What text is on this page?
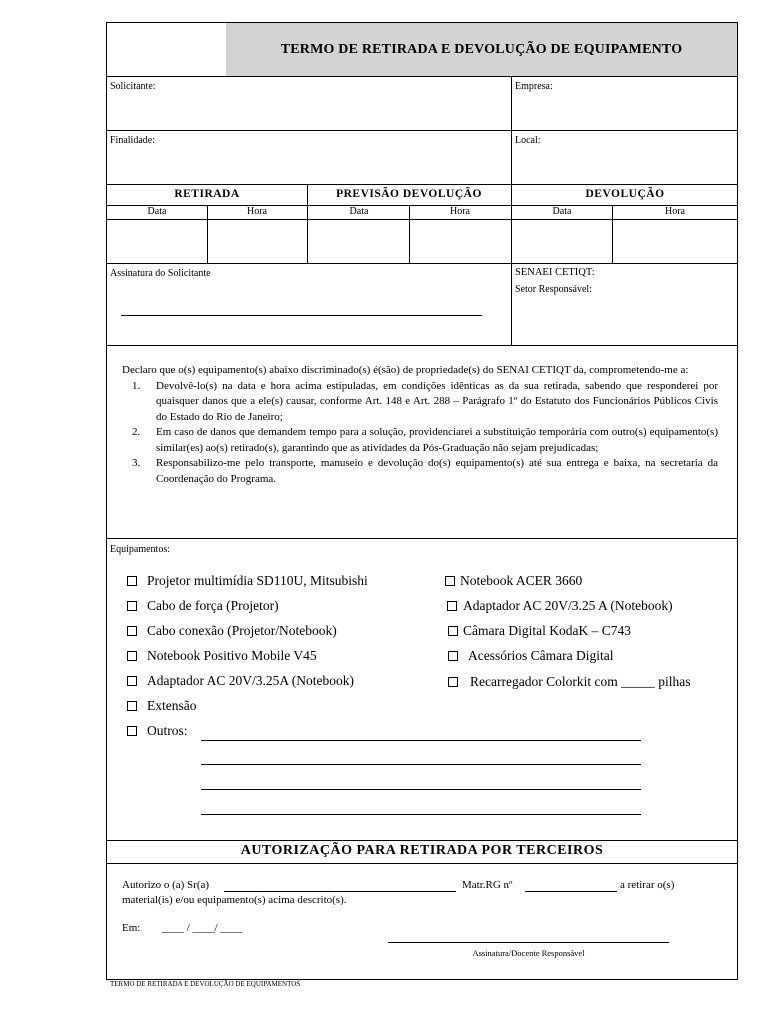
TERMO DE RETIRADA E DEVOLUÇÃO DE EQUIPAMENTO
Solicitante:	Empresa:
Finalidade:	Local:
RETIRADA	PREVISÃO DEVOLUÇÃO	DEVOLUÇÃO
Data	Hora	Data	Hora	Data	Hora
Assinatura do Solicitante	SENAEI CETIQT:
Setor Responsável:
Declaro que o(s) equipamento(s) abaixo discriminado(s) é(são) de propriedade(s) do SENAI CETIQT da, comprometendo-me a:
1. Devolvê-lo(s) na data e hora acima estipuladas, em condições idênticas as da sua retirada, sabendo que responderei por quaisquer danos que a ele(s) causar, conforme Art. 148 e Art. 288 – Parágrafo 1º do Estatuto dos Funcionários Públicos Civis do Estado do Rio de Janeiro;
2. Em caso de danos que demandem tempo para a solução, providenciarei a substituição temporária com outro(s) equipamento(s) similar(es) ao(s) retirado(s), garantindo que as atividades da Pós-Graduação não sejam prejudicadas;
3. Responsabilizo-me pelo transporte, manuseio e devolução do(s) equipamento(s) até sua entrega e baixa, na secretaria da Coordenação do Programa.
Equipamentos:
Projetor multimídia SD110U, Mitsubishi
Cabo de força (Projetor)
Cabo conexão (Projetor/Notebook)
Notebook Positivo Mobile V45
Adaptador AC 20V/3.25A (Notebook)
Extensão
Outros:
Notebook ACER 3660
Adaptador AC 20V/3.25 A (Notebook)
Câmara Digital KodaK – C743
Acessórios Câmara Digital
Recarregador Colorkit com _____ pilhas
AUTORIZAÇÃO PARA RETIRADA POR TERCEIROS
Autorizo o (a) Sr(a)	Matr.RG nº	a retirar o(s)
material(is) e/ou equipamento(s) acima descrito(s).
Em: ____ / ____/ ____
Assinatura/Docente Responsável
TERMO DE RETIRADA E DEVOLUÇÃO DE EQUIPAMENTOS
